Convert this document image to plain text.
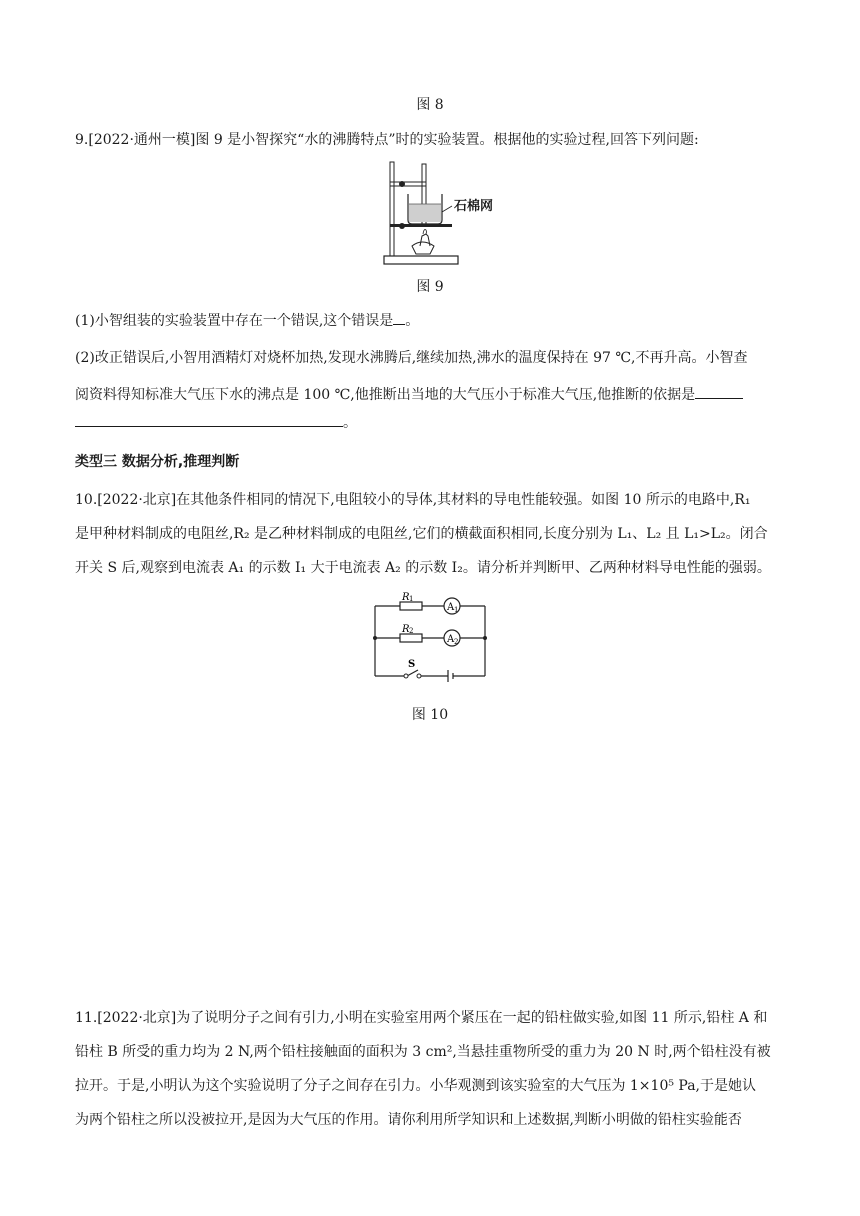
图 8
9.[2022·通州一模]图 9 是小智探究“水的沸腾特点”时的实验装置。根据他的实验过程,回答下列问题:
石棉网
图 9
(1)小智组装的实验装置中存在一个错误,这个错误是 。
(2)改正错误后,小智用酒精灯对烧杯加热,发现水沸腾后,继续加热,沸水的温度保持在 97 ℃,不再升高。小智查
阅资料得知标准大气压下水的沸点是 100 ℃,他推断出当地的大气压小于标准大气压,他推断的依据是
。
类型三 数据分析,推理判断
10.[2022·北京]在其他条件相同的情况下,电阻较小的导体,其材料的导电性能较强。如图 10 所示的电路中,R₁
是甲种材料制成的电阻丝,R₂ 是乙种材料制成的电阻丝,它们的横截面积相同,长度分别为 L₁、L₂ 且 L₁>L₂。闭合
开关 S 后,观察到电流表 A₁ 的示数 I₁ 大于电流表 A₂ 的示数 I₂。请分析并判断甲、乙两种材料导电性能的强弱。
R 1
R 2
A 1
A 2
S
图 10
11.[2022·北京]为了说明分子之间有引力,小明在实验室用两个紧压在一起的铅柱做实验,如图 11 所示,铅柱 A 和
铅柱 B 所受的重力均为 2 N,两个铅柱接触面的面积为 3 cm²,当悬挂重物所受的重力为 20 N 时,两个铅柱没有被
拉开。于是,小明认为这个实验说明了分子之间存在引力。小华观测到该实验室的大气压为 1×10⁵ Pa,于是她认
为两个铅柱之所以没被拉开,是因为大气压的作用。请你利用所学知识和上述数据,判断小明做的铅柱实验能否
